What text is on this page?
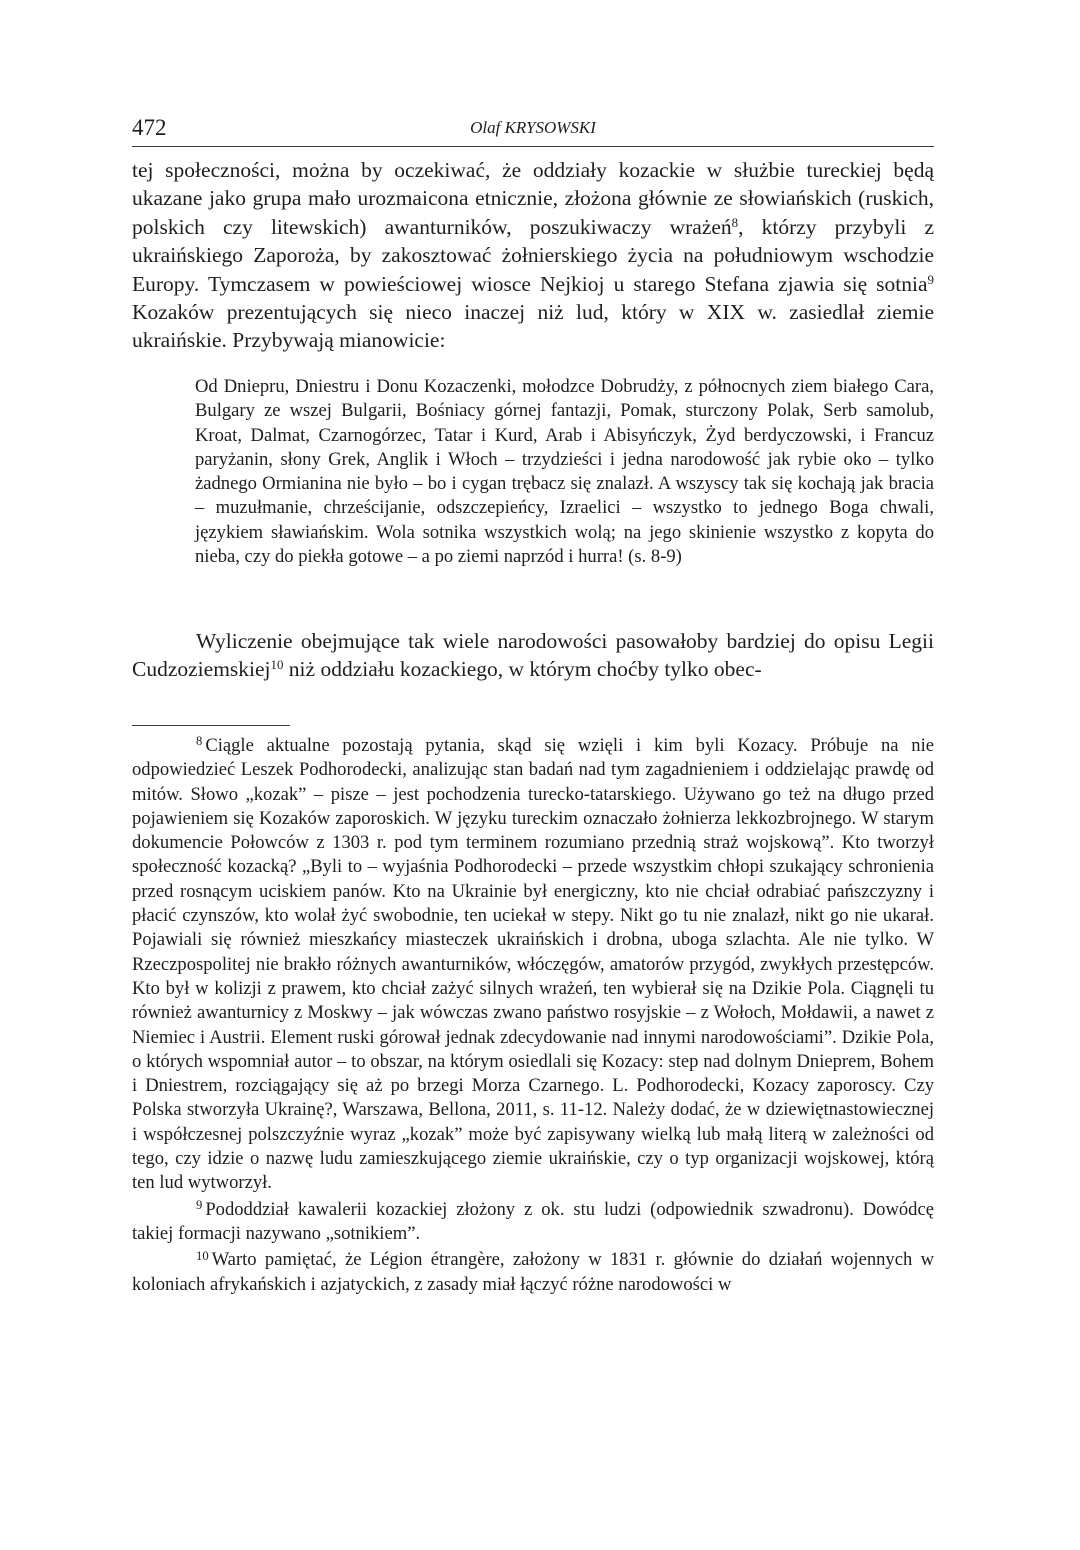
472	Olaf KRYSOWSKI

tej społeczności, można by oczekiwać, że oddziały kozackie w służbie tureckiej będą ukazane jako grupa mało urozmaicona etnicznie, złożona głównie ze słowiańskich (ruskich, polskich czy litewskich) awanturników, poszukiwaczy wrażeń$^8$, którzy przybyli z ukraińskiego Zaporoża, by zakosztować żołnierskiego życia na południowym wschodzie Europy. Tymczasem w powieściowej wiosce Nejkioj u starego Stefana zjawia się sotnia$^9$ Kozaków prezentujących się nieco inaczej niż lud, który w XIX w. zasiedlał ziemie ukraińskie. Przybywają mianowicie:

Od Dniepru, Dniestru i Donu Kozaczenki, mołodzce Dobrudży, z północnych ziem białego Cara, Bulgary ze wszej Bulgarii, Bośniacy górnej fantazji, Pomak, sturczony Polak, Serb samolub, Kroat, Dalmat, Czarnogórzec, Tatar i Kurd, Arab i Abisyńczyk, Żyd berdyczowski, i Francuz paryżanin, słony Grek, Anglik i Włoch – trzydzieści i jedna narodowość jak rybie oko – tylko żadnego Ormianina nie było – bo i cygan trębacz się znalazł. A wszyscy tak się kochają jak bracia – muzułmanie, chrześcijanie, odszczepieńcy, Izraelici – wszystko to jednego Boga chwali, językiem sławiańskim. Wola sotnika wszystkich wolą; na jego skinienie wszystko z kopyta do nieba, czy do piekła gotowe – a po ziemi naprzód i hurra! (s. 8-9)

Wyliczenie obejmujące tak wiele narodowości pasowałoby bardziej do opisu Legii Cudzoziemskiej$^{10}$ niż oddziału kozackiego, w którym choćby tylko obec-

$^8$ Ciągle aktualne pozostają pytania, skąd się wzięli i kim byli Kozacy. Próbuje na nie odpowiedzieć Leszek Podhorodecki, analizując stan badań nad tym zagadnieniem i oddzielając prawdę od mitów. Słowo „kozak” – pisze – jest pochodzenia turecko-tatarskiego. Używano go też na długo przed pojawieniem się Kozaków zaporoskich. W języku tureckim oznaczało żołnierza lekkozbrojnego. W starym dokumencie Połowców z 1303 r. pod tym terminem rozumiano przednią straż wojskową”. Kto tworzył społeczność kozacką? „Byli to – wyjaśnia Podhorodecki – przede wszystkim chłopi szukający schronienia przed rosnącym uciskiem panów. Kto na Ukrainie był energiczny, kto nie chciał odrabiać pańszczyzny i płacić czynszów, kto wolał żyć swobodnie, ten uciekał w stepy. Nikt go tu nie znalazł, nikt go nie ukarał. Pojawiali się również mieszkańcy miasteczek ukraińskich i drobna, uboga szlachta. Ale nie tylko. W Rzeczpospolitej nie brakło różnych awanturników, włóczęgów, amatorów przygód, zwykłych przestępców. Kto był w kolizji z prawem, kto chciał zażyć silnych wrażeń, ten wybierał się na Dzikie Pola. Ciągnęli tu również awanturnicy z Moskwy – jak wówczas zwano państwo rosyjskie – z Wołoch, Mołdawii, a nawet z Niemiec i Austrii. Element ruski górował jednak zdecydowanie nad innymi narodowościami”. Dzikie Pola, o których wspomniał autor – to obszar, na którym osiedlali się Kozacy: step nad dolnym Dnieprem, Bohem i Dniestrem, rozciągający się aż po brzegi Morza Czarnego. L. Podhorodecki, Kozacy zaporoscy. Czy Polska stworzyła Ukrainę?, Warszawa, Bellona, 2011, s. 11-12. Należy dodać, że w dziewiętnastowiecznej i współczesnej polszczyźnie wyraz „kozak” może być zapisywany wielką lub małą literą w zależności od tego, czy idzie o nazwę ludu zamieszkującego ziemie ukraińskie, czy o typ organizacji wojskowej, którą ten lud wytworzył.

$^9$ Pododdział kawalerii kozackiej złożony z ok. stu ludzi (odpowiednik szwadronu). Dowódcę takiej formacji nazywano „sotnikiem”.

$^{10}$ Warto pamiętać, że Légion étrangère, założony w 1831 r. głównie do działań wojennych w koloniach afrykańskich i azjatyckich, z zasady miał łączyć różne narodowości w
